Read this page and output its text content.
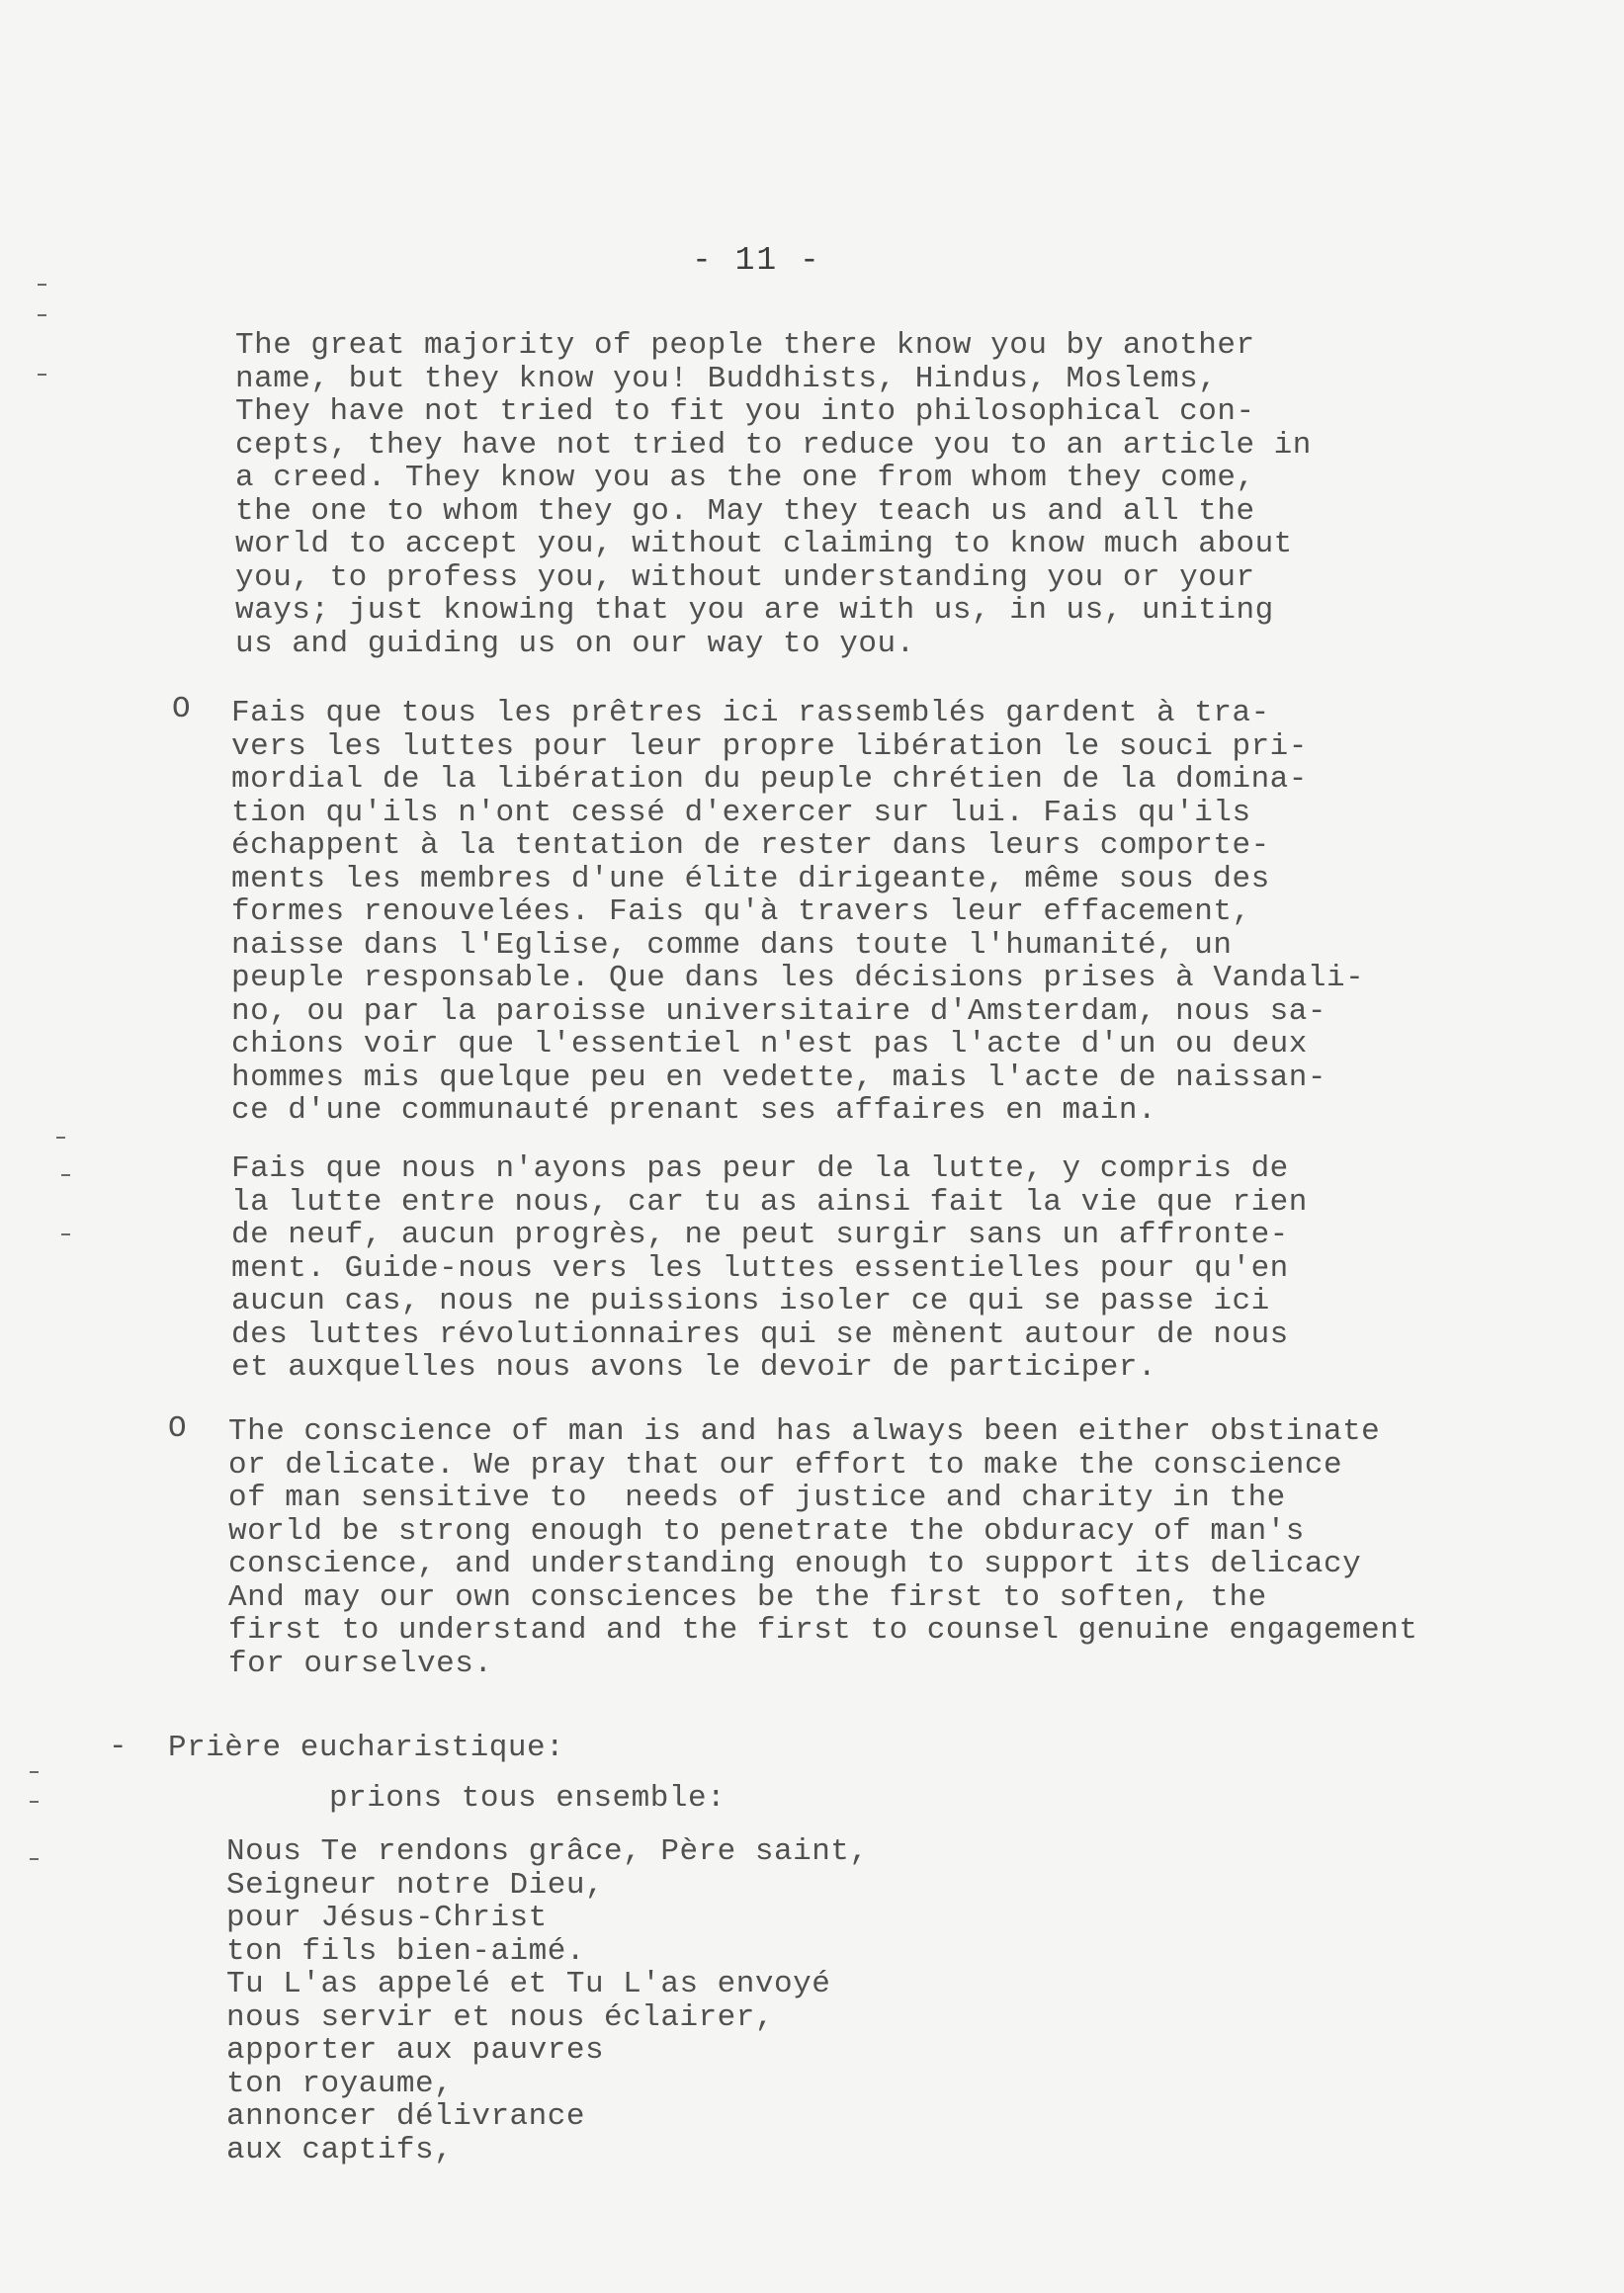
- 11 -

The great majority of people there know you by another
name, but they know you! Buddhists, Hindus, Moslems,
They have not tried to fit you into philosophical con-
cepts, they have not tried to reduce you to an article in
a creed. They know you as the one from whom they come,
the one to whom they go. May they teach us and all the
world to accept you, without claiming to know much about
you, to profess you, without understanding you or your
ways; just knowing that you are with us, in us, uniting
us and guiding us on our way to you.

O Fais que tous les prêtres ici rassemblés gardent à tra-
vers les luttes pour leur propre libération le souci pri-
mordial de la libération du peuple chrétien de la domina-
tion qu'ils n'ont cessé d'exercer sur lui. Fais qu'ils
échappent à la tentation de rester dans leurs comporte-
ments les membres d'une élite dirigeante, même sous des
formes renouvelées. Fais qu'à travers leur effacement,
naisse dans l'Eglise, comme dans toute l'humanité, un
peuple responsable. Que dans les décisions prises à Vandali-
no, ou par la paroisse universitaire d'Amsterdam, nous sa-
chions voir que l'essentiel n'est pas l'acte d'un ou deux
hommes mis quelque peu en vedette, mais l'acte de naissan-
ce d'une communauté prenant ses affaires en main.

Fais que nous n'ayons pas peur de la lutte, y compris de
la lutte entre nous, car tu as ainsi fait la vie que rien
de neuf, aucun progrès, ne peut surgir sans un affronte-
ment. Guide-nous vers les luttes essentielles pour qu'en
aucun cas, nous ne puissions isoler ce qui se passe ici
des luttes révolutionnaires qui se mènent autour de nous
et auxquelles nous avons le devoir de participer.

O The conscience of man is and has always been either obstinate
or delicate. We pray that our effort to make the conscience
of man sensitive to  needs of justice and charity in the
world be strong enough to penetrate the obduracy of man's
conscience, and understanding enough to support its delicacy
And may our own consciences be the first to soften, the
first to understand and the first to counsel genuine engagement
for ourselves.

- Prière eucharistique:

prions tous ensemble:

Nous Te rendons grâce, Père saint,
Seigneur notre Dieu,
pour Jésus-Christ
ton fils bien-aimé.
Tu L'as appelé et Tu L'as envoyé
nous servir et nous éclairer,
apporter aux pauvres
ton royaume,
annoncer délivrance
aux captifs,
